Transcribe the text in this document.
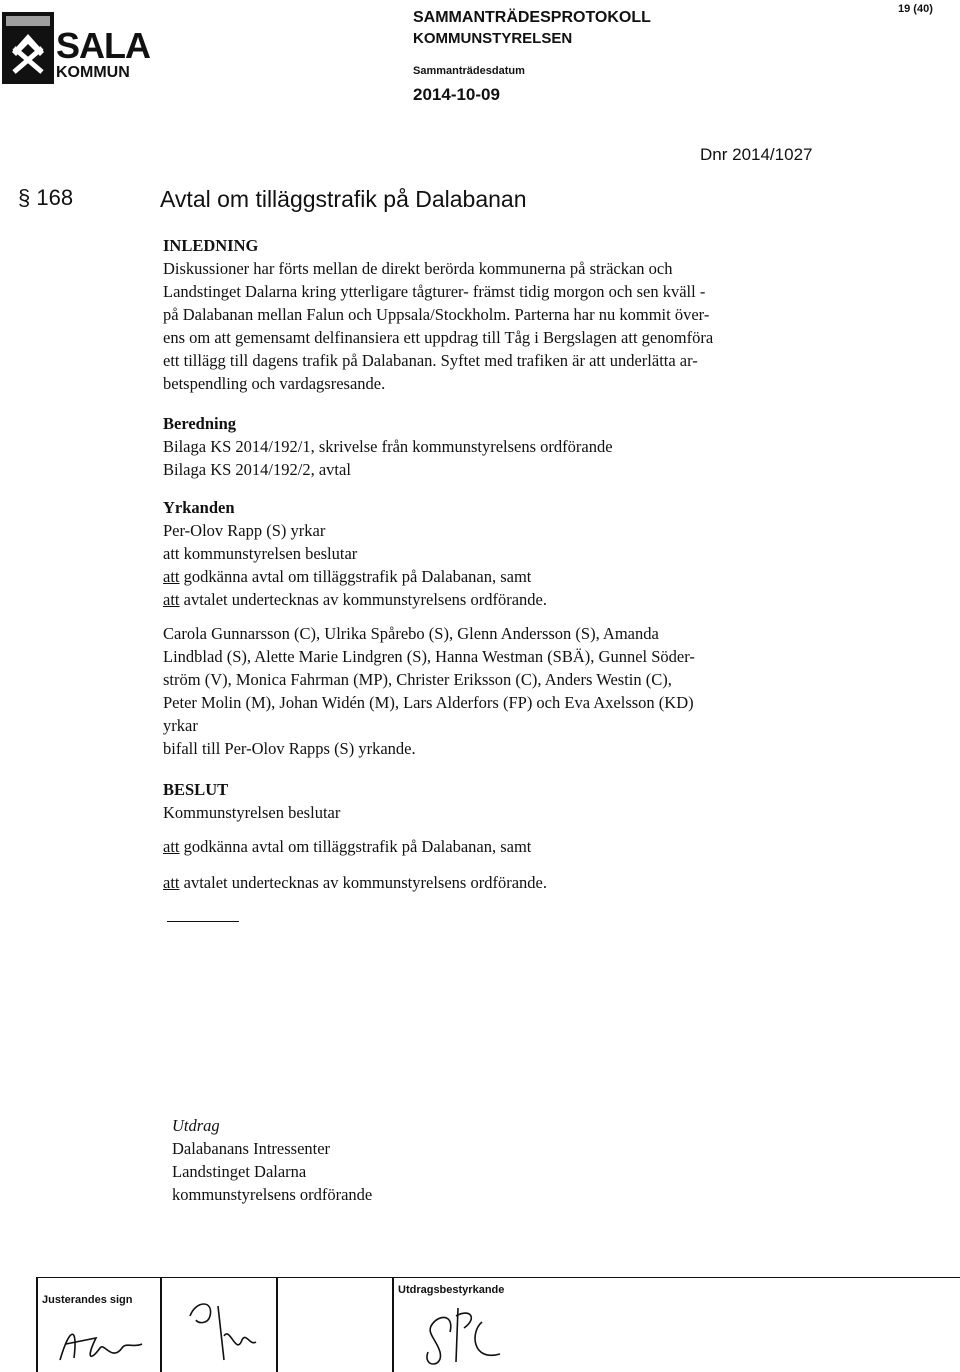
SALA
KOMMUN
SAMMANTRÄDESPROTOKOLL
KOMMUNSTYRELSEN
Sammanträdesdatum
2014-10-09
19 (40)
Dnr 2014/1027
§ 168	Avtal om tilläggstrafik på Dalabanan
INLEDNING
Diskussioner har förts mellan de direkt berörda kommunerna på sträckan och
Landstinget Dalarna kring ytterligare tågturer- främst tidig morgon och sen kväll -
på Dalabanan mellan Falun och Uppsala/Stockholm. Parterna har nu kommit över-
ens om att gemensamt delfinansiera ett uppdrag till Tåg i Bergslagen att genomföra
ett tillägg till dagens trafik på Dalabanan. Syftet med trafiken är att underlätta ar-
betspendling och vardagsresande.
Beredning
Bilaga KS 2014/192/1, skrivelse från kommunstyrelsens ordförande
Bilaga KS 2014/192/2, avtal
Yrkanden
Per-Olov Rapp (S) yrkar
att kommunstyrelsen beslutar
att godkänna avtal om tilläggstrafik på Dalabanan, samt
att avtalet undertecknas av kommunstyrelsens ordförande.
Carola Gunnarsson (C), Ulrika Spårebo (S), Glenn Andersson (S), Amanda
Lindblad (S), Alette Marie Lindgren (S), Hanna Westman (SBÄ), Gunnel Söder-
ström (V), Monica Fahrman (MP), Christer Eriksson (C), Anders Westin (C),
Peter Molin (M), Johan Widén (M), Lars Alderfors (FP) och Eva Axelsson (KD)
yrkar
bifall till Per-Olov Rapps (S) yrkande.
BESLUT
Kommunstyrelsen beslutar
att godkänna avtal om tilläggstrafik på Dalabanan, samt
att avtalet undertecknas av kommunstyrelsens ordförande.
Utdrag
Dalabanans Intressenter
Landstinget Dalarna
kommunstyrelsens ordförande
Justerandes sign
Utdragsbestyrkande
